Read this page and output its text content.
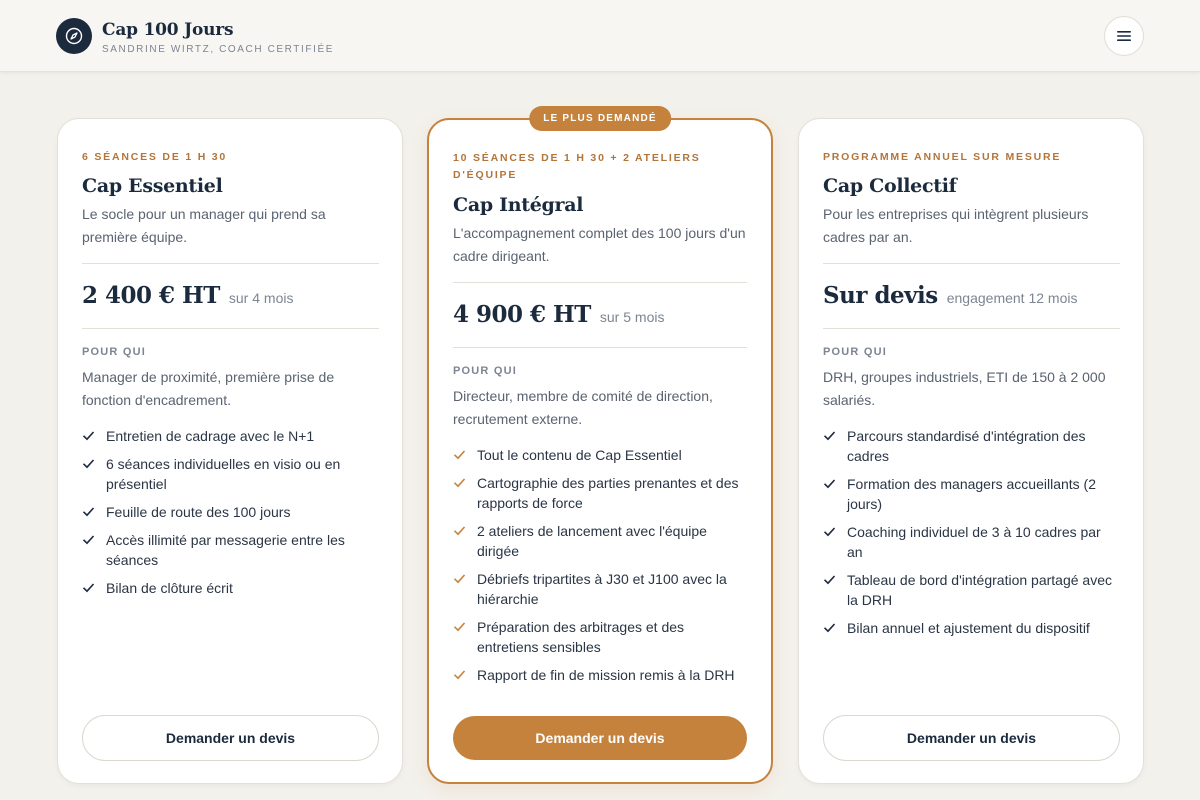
Cap 100 Jours
SANDRINE WIRTZ, COACH CERTIFIÉE
6 SÉANCES DE 1 H 30
Cap Essentiel

Le socle pour un manager qui prend sa première équipe.

2 400 € HT sur 4 mois
POUR QUI

Manager de proximité, première prise de fonction d'encadrement.

Entretien de cadrage avec le N+1
6 séances individuelles en visio ou en présentiel
Feuille de route des 100 jours
Accès illimité par messagerie entre les séances
Bilan de clôture écrit
Demander un devis
LE PLUS DEMANDÉ
10 SÉANCES DE 1 H 30 + 2 ATELIERS D'ÉQUIPE
Cap Intégral

L'accompagnement complet des 100 jours d'un cadre dirigeant.

4 900 € HT sur 5 mois
POUR QUI

Directeur, membre de comité de direction, recrutement externe.

Tout le contenu de Cap Essentiel
Cartographie des parties prenantes et des rapports de force
2 ateliers de lancement avec l'équipe dirigée
Débriefs tripartites à J30 et J100 avec la hiérarchie
Préparation des arbitrages et des entretiens sensibles
Rapport de fin de mission remis à la DRH
Demander un devis
PROGRAMME ANNUEL SUR MESURE
Cap Collectif

Pour les entreprises qui intègrent plusieurs cadres par an.

Sur devis engagement 12 mois
POUR QUI

DRH, groupes industriels, ETI de 150 à 2 000 salariés.

Parcours standardisé d'intégration des cadres
Formation des managers accueillants (2 jours)
Coaching individuel de 3 à 10 cadres par an
Tableau de bord d'intégration partagé avec la DRH
Bilan annuel et ajustement du dispositif
Demander un devis
